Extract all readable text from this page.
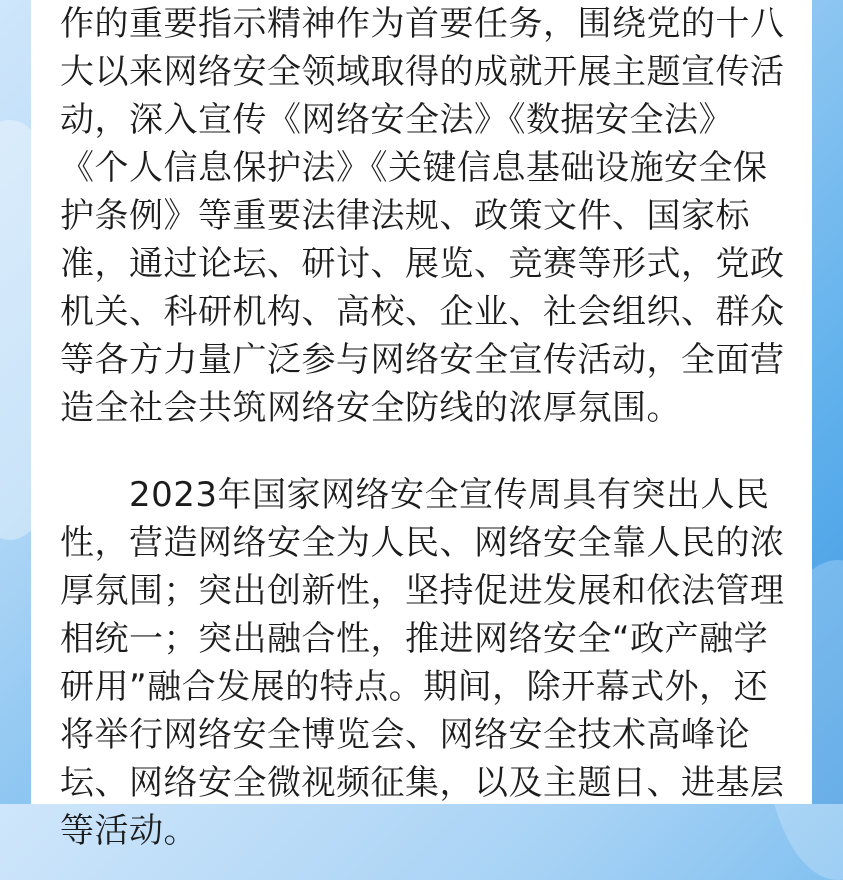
作的重要指示精神作为首要任务，围绕党的十八
大以来网络安全领域取得的成就开展主题宣传活
动，深入宣传《网络安全法》《数据安全法》
《个人信息保护法》《关键信息基础设施安全保
护条例》等重要法律法规、政策文件、国家标
准，通过论坛、研讨、展览、竞赛等形式，党政
机关、科研机构、高校、企业、社会组织、群众
等各方力量广泛参与网络安全宣传活动，全面营
造全社会共筑网络安全防线的浓厚氛围。
　　2023年国家网络安全宣传周具有突出人民
性，营造网络安全为人民、网络安全靠人民的浓
厚氛围；突出创新性，坚持促进发展和依法管理
相统一；突出融合性，推进网络安全“政产融学
研用”融合发展的特点。期间，除开幕式外，还
将举行网络安全博览会、网络安全技术高峰论
坛、网络安全微视频征集，以及主题日、进基层
等活动。
